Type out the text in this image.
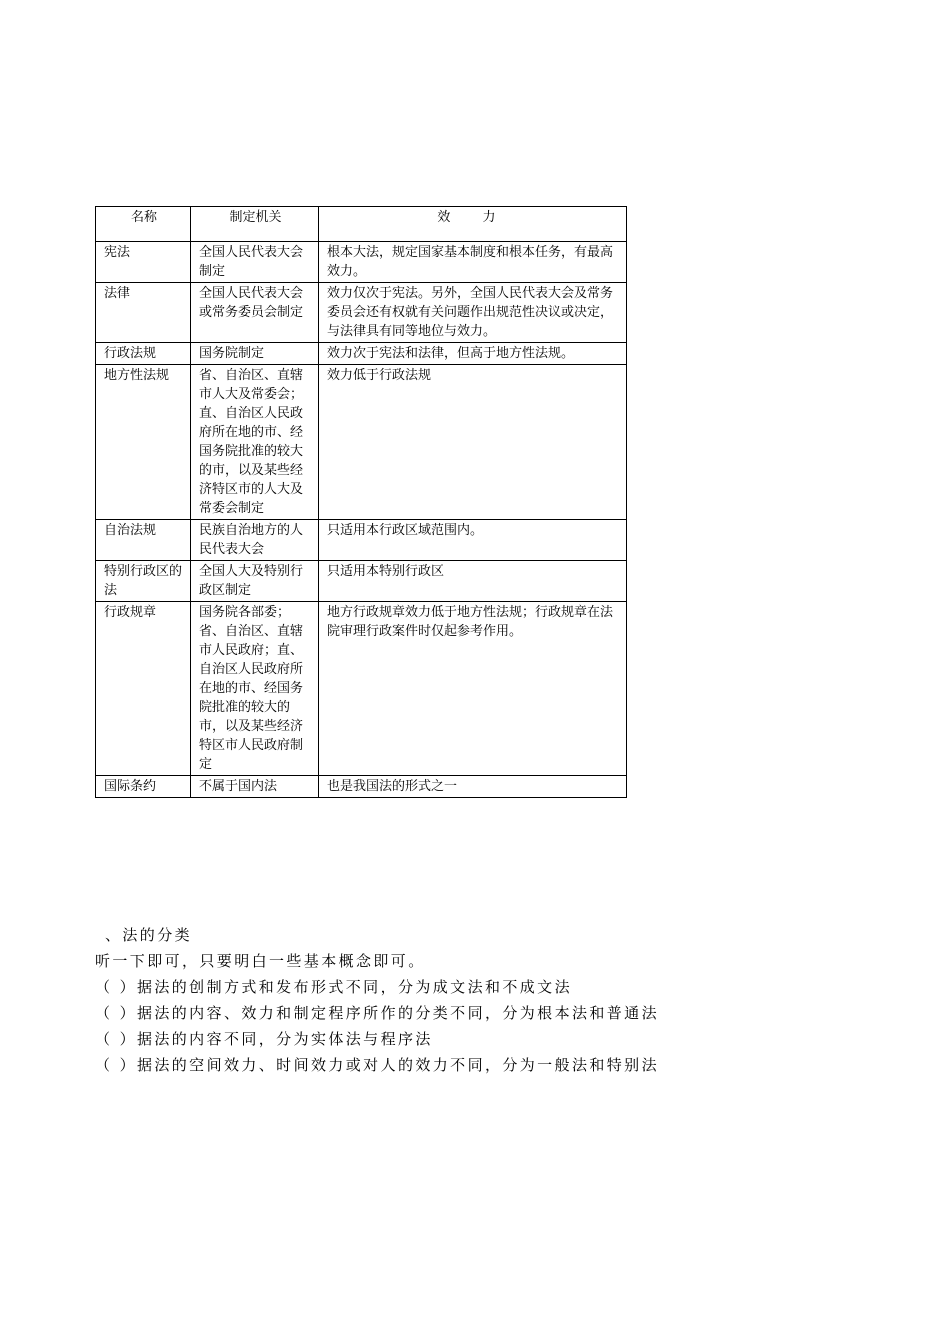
名称	制定机关	效 力
宪法	全国人民代表大会制定	根本大法，规定国家基本制度和根本任务，有最高效力。
法律	全国人民代表大会或常务委员会制定	效力仅次于宪法。另外，全国人民代表大会及常务委员会还有权就有关问题作出规范性决议或决定，与法律具有同等地位与效力。
行政法规	国务院制定	效力次于宪法和法律，但高于地方性法规。
地方性法规	省、自治区、直辖市人大及常委会；直、自治区人民政府所在地的市、经国务院批准的较大的市，以及某些经济特区市的人大及常委会制定	效力低于行政法规
自治法规	民族自治地方的人民代表大会	只适用本行政区域范围内。
特别行政区的法	全国人大及特别行政区制定	只适用本特别行政区
行政规章	国务院各部委；省、自治区、直辖市人民政府；直、自治区人民政府所在地的市、经国务院批准的较大的市，以及某些经济特区市人民政府制定	地方行政规章效力低于地方性法规；行政规章在法院审理行政案件时仅起参考作用。
国际条约	不属于国内法	也是我国法的形式之一

、法的分类

听一下即可，只要明白一些基本概念即可。

（ ）据法的创制方式和发布形式不同，分为成文法和不成文法

（ ）据法的内容、效力和制定程序所作的分类不同，分为根本法和普通法

（ ）据法的内容不同，分为实体法与程序法

（ ）据法的空间效力、时间效力或对人的效力不同，分为一般法和特别法
